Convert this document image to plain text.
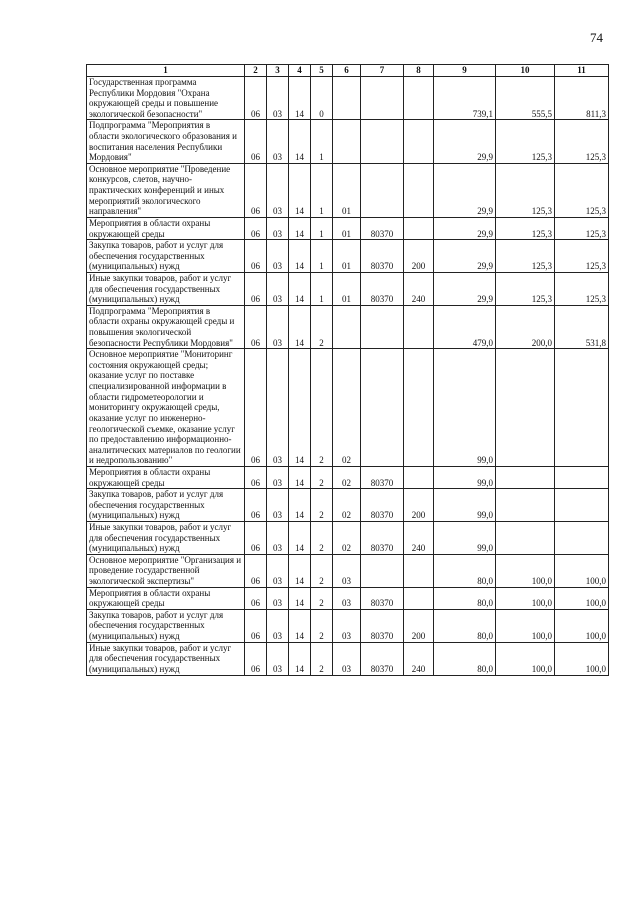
74
1	2	3	4	5	6	7	8	9	10	11
Государственная программа Республики Мордовия "Охрана окружающей среды и повышение экологической безопасности"	06	03	14	0				739,1	555,5	811,3
Подпрограмма "Мероприятия в области экологического образования и воспитания населения Республики Мордовия"	06	03	14	1				29,9	125,3	125,3
Основное мероприятие "Проведение конкурсов, слетов, научно-практических конференций и иных мероприятий экологического направления"	06	03	14	1	01			29,9	125,3	125,3
Мероприятия в области охраны окружающей среды	06	03	14	1	01	80370		29,9	125,3	125,3
Закупка товаров, работ и услуг для обеспечения государственных (муниципальных) нужд	06	03	14	1	01	80370	200	29,9	125,3	125,3
Иные закупки товаров, работ и услуг для обеспечения государственных (муниципальных) нужд	06	03	14	1	01	80370	240	29,9	125,3	125,3
Подпрограмма "Мероприятия в области охраны окружающей среды и повышения экологической безопасности Республики Мордовия"	06	03	14	2				479,0	200,0	531,8
Основное мероприятие "Мониторинг состояния окружающей среды; оказание услуг по поставке специализированной информации в области гидрометеорологии и мониторингу окружающей среды, оказание услуг по инженерно-геологической съемке, оказание услуг по предоставлению информационно-аналитических материалов по геологии и недропользованию"	06	03	14	2	02			99,0		
Мероприятия в области охраны окружающей среды	06	03	14	2	02	80370		99,0		
Закупка товаров, работ и услуг для обеспечения государственных (муниципальных) нужд	06	03	14	2	02	80370	200	99,0		
Иные закупки товаров, работ и услуг для обеспечения государственных (муниципальных) нужд	06	03	14	2	02	80370	240	99,0		
Основное мероприятие "Организация и проведение государственной экологической экспертизы"	06	03	14	2	03			80,0	100,0	100,0
Мероприятия в области охраны окружающей среды	06	03	14	2	03	80370		80,0	100,0	100,0
Закупка товаров, работ и услуг для обеспечения государственных (муниципальных) нужд	06	03	14	2	03	80370	200	80,0	100,0	100,0
Иные закупки товаров, работ и услуг для обеспечения государственных (муниципальных) нужд	06	03	14	2	03	80370	240	80,0	100,0	100,0
